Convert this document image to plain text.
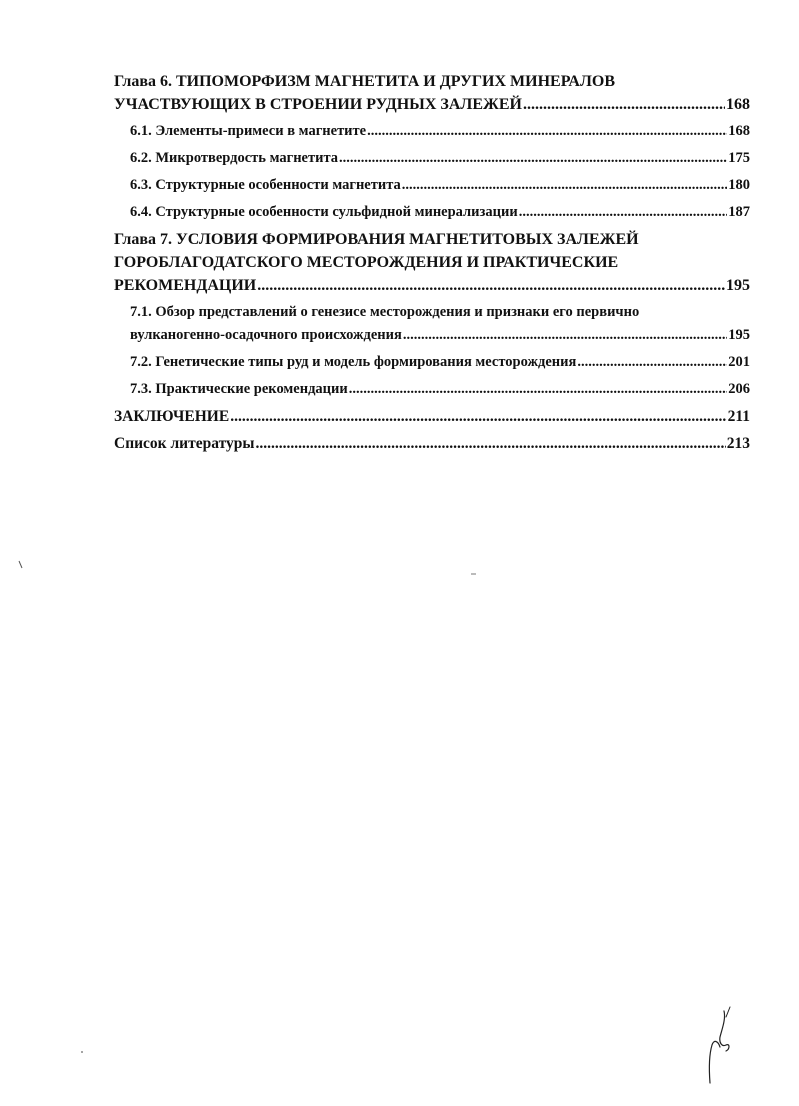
Глава 6. ТИПОМОРФИЗМ МАГНЕТИТА И ДРУГИХ МИНЕРАЛОВ
УЧАСТВУЮЩИХ В СТРОЕНИИ РУДНЫХ ЗАЛЕЖЕЙ .....	168
6.1. Элементы-примеси в магнетите .....	168
6.2. Микротвердость магнетита .....	175
6.3. Структурные особенности магнетита .....	180
6.4. Структурные особенности сульфидной минерализации .....	187
Глава 7. УСЛОВИЯ ФОРМИРОВАНИЯ МАГНЕТИТОВЫХ ЗАЛЕЖЕЙ
ГОРОБЛАГОДАТСКОГО МЕСТОРОЖДЕНИЯ И ПРАКТИЧЕСКИЕ
РЕКОМЕНДАЦИИ .....	195
7.1. Обзор представлений о генезисе месторождения и признаки его первично
вулканогенно-осадочного происхождения .....	195
7.2. Генетические типы руд и модель формирования месторождения .....	201
7.3. Практические рекомендации .....	206
ЗАКЛЮЧЕНИЕ .....	211
Список литературы .....	213
